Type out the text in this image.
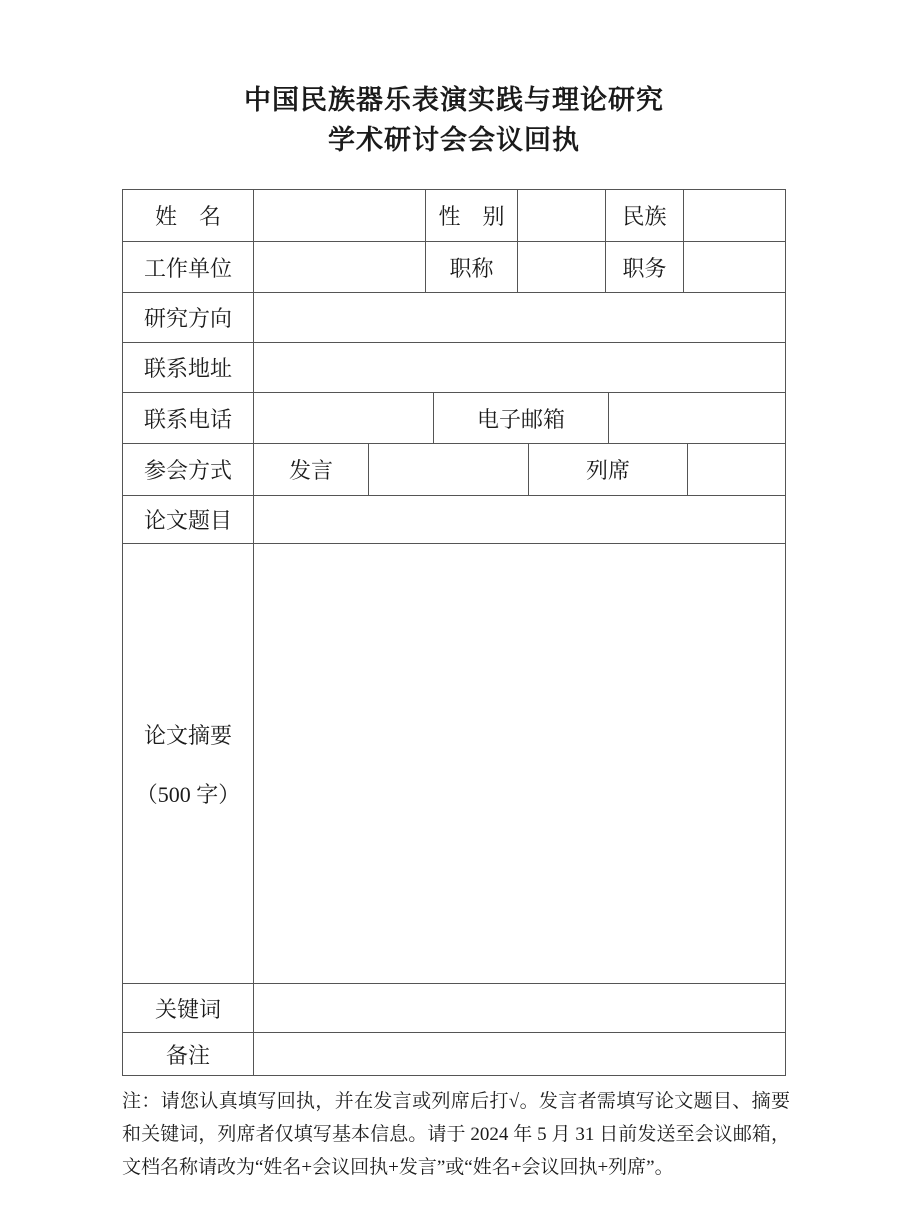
中国民族器乐表演实践与理论研究
学术研讨会会议回执
姓　名	性　别	民族
工作单位	职称	职务
研究方向
联系地址
联系电话	电子邮箱
参会方式	发言	列席
论文题目
论文摘要
（500 字）
关键词
备注
注：请您认真填写回执，并在发言或列席后打√。发言者需填写论文题目、摘要
和关键词，列席者仅填写基本信息。请于 2024 年 5 月 31 日前发送至会议邮箱，
文档名称请改为“姓名+会议回执+发言”或“姓名+会议回执+列席”。
